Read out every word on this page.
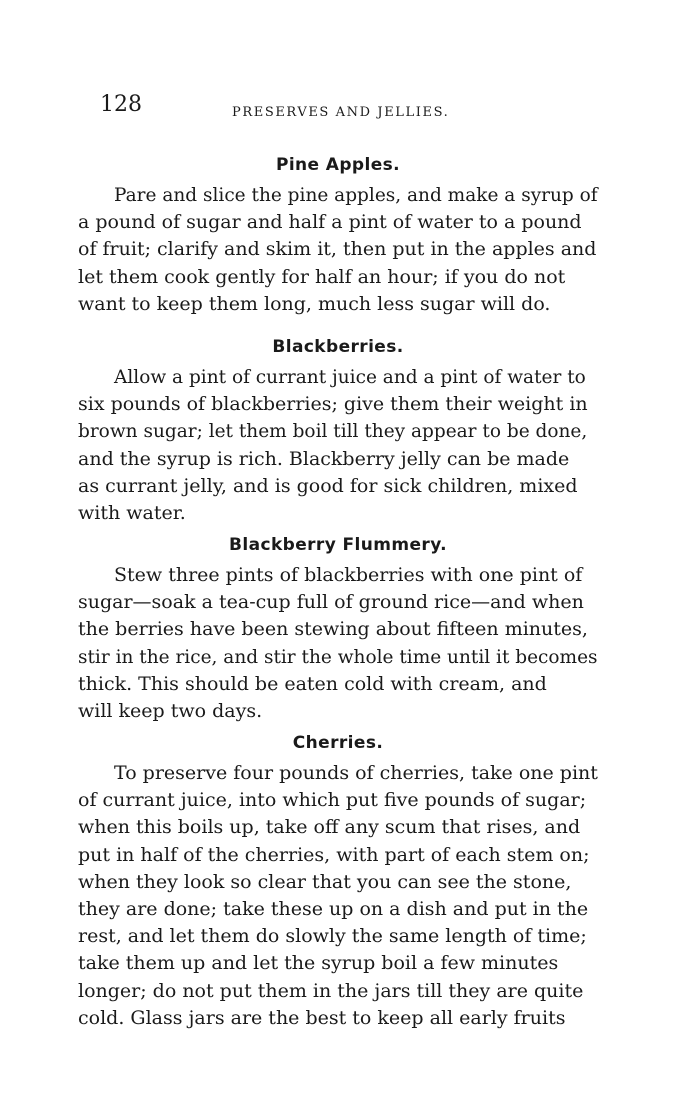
128	PRESERVES AND JELLIES.
Pine Apples.
Pare and slice the pine apples, and make a syrup of
a pound of sugar and half a pint of water to a pound
of fruit; clarify and skim it, then put in the apples and
let them cook gently for half an hour; if you do not
want to keep them long, much less sugar will do.
Blackberries.
Allow a pint of currant juice and a pint of water to
six pounds of blackberries; give them their weight in
brown sugar; let them boil till they appear to be done,
and the syrup is rich. Blackberry jelly can be made
as currant jelly, and is good for sick children, mixed
with water.
Blackberry Flummery.
Stew three pints of blackberries with one pint of
sugar—soak a tea-cup full of ground rice—and when
the berries have been stewing about fifteen minutes,
stir in the rice, and stir the whole time until it becomes
thick. This should be eaten cold with cream, and
will keep two days.
Cherries.
To preserve four pounds of cherries, take one pint
of currant juice, into which put five pounds of sugar;
when this boils up, take off any scum that rises, and
put in half of the cherries, with part of each stem on;
when they look so clear that you can see the stone,
they are done; take these up on a dish and put in the
rest, and let them do slowly the same length of time;
take them up and let the syrup boil a few minutes
longer; do not put them in the jars till they are quite
cold. Glass jars are the best to keep all early fruits
